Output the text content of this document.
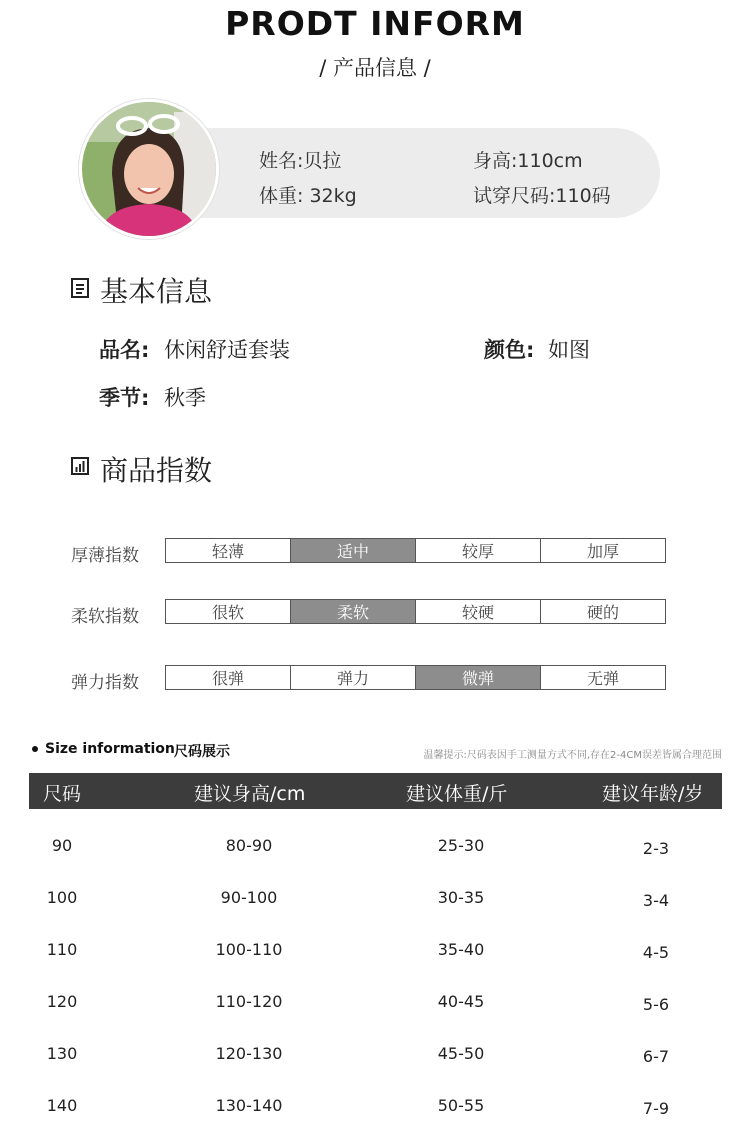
PRODT INFORM
/ 产品信息 /
姓名:贝拉	身高:110cm
体重: 32kg	试穿尺码:110码
基本信息
品名: 休闲舒适套装	颜色: 如图
季节: 秋季
商品指数
厚薄指数	轻薄	适中	较厚	加厚
柔软指数	很软	柔软	较硬	硬的
弹力指数	很弹	弹力	微弹	无弹
Size information 尺码展示	温馨提示:尺码表因手工测量方式不同,存在2-4CM误差皆属合理范围
尺码	建议身高/cm	建议体重/斤	建议年龄/岁
90	80-90	25-30	2-3
100	90-100	30-35	3-4
110	100-110	35-40	4-5
120	110-120	40-45	5-6
130	120-130	45-50	6-7
140	130-140	50-55	7-9
